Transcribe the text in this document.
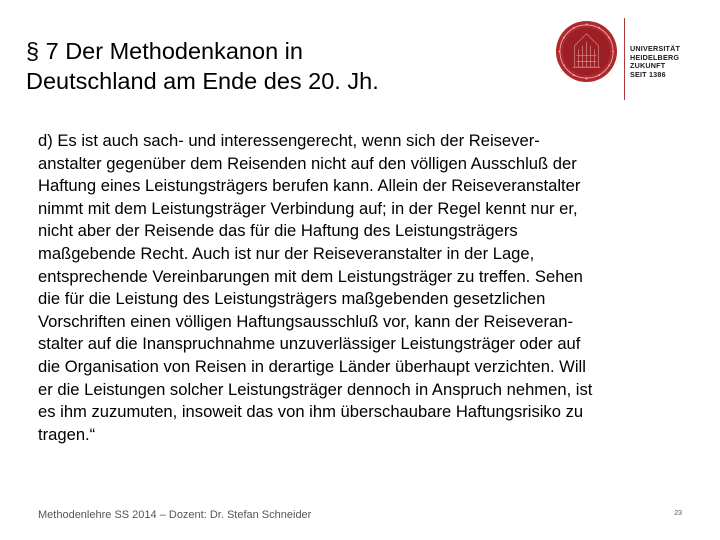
§ 7 Der Methodenkanon in
Deutschland am Ende des 20. Jh.
UNIVERSITÄT
HEIDELBERG
ZUKUNFT
SEIT 1386
d) Es ist auch sach- und interessengerecht, wenn sich der Reisever-
anstalter gegenüber dem Reisenden nicht auf den völligen Ausschluß der
Haftung eines Leistungsträgers berufen kann. Allein der Reiseveranstalter
nimmt mit dem Leistungsträger Verbindung auf; in der Regel kennt nur er,
nicht aber der Reisende das für die Haftung des Leistungsträgers
maßgebende Recht. Auch ist nur der Reiseveranstalter in der Lage,
entsprechende Vereinbarungen mit dem Leistungsträger zu treffen. Sehen
die für die Leistung des Leistungsträgers maßgebenden gesetzlichen
Vorschriften einen völligen Haftungsausschluß vor, kann der Reiseveran-
stalter auf die Inanspruchnahme unzuverlässiger Leistungsträger oder auf
die Organisation von Reisen in derartige Länder überhaupt verzichten. Will
er die Leistungen solcher Leistungsträger dennoch in Anspruch nehmen, ist
es ihm zuzumuten, insoweit das von ihm überschaubare Haftungsrisiko zu
tragen.“
Methodenlehre SS 2014 – Dozent: Dr. Stefan Schneider	23
